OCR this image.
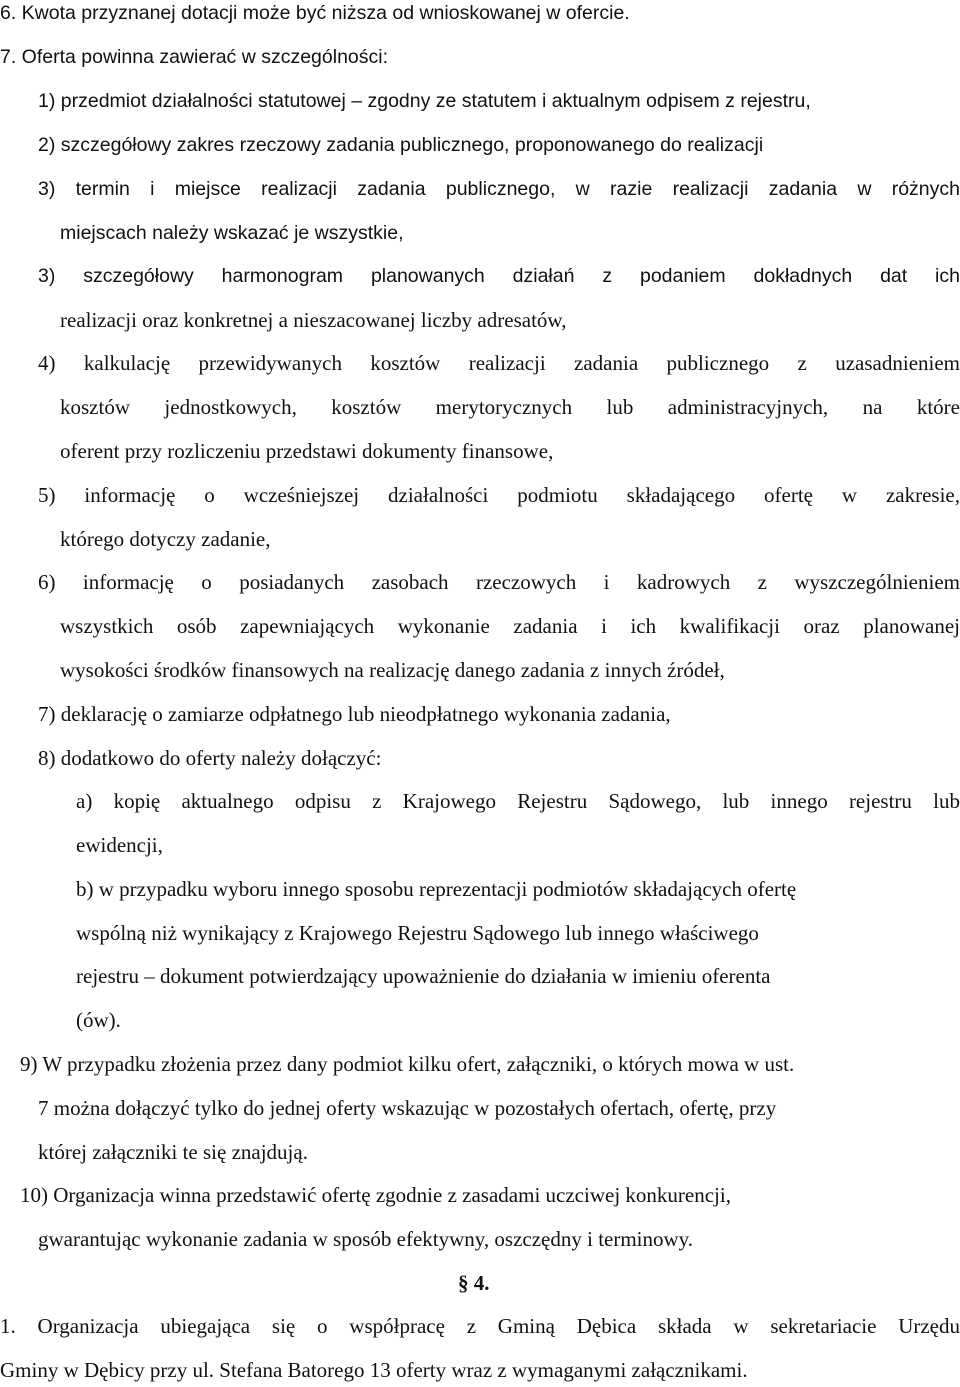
6. Kwota przyznanej dotacji może być niższa od wnioskowanej w ofercie.
7. Oferta powinna zawierać w szczególności:
1) przedmiot działalności statutowej – zgodny ze statutem i aktualnym odpisem z rejestru,
2) szczegółowy zakres rzeczowy zadania publicznego, proponowanego do realizacji
3) termin i miejsce realizacji zadania publicznego, w razie realizacji zadania w różnych
miejscach należy wskazać je wszystkie,
3) szczegółowy harmonogram planowanych działań z podaniem dokładnych dat ich
realizacji oraz konkretnej a nieszacowanej liczby adresatów,
4) kalkulację przewidywanych kosztów realizacji zadania publicznego z uzasadnieniem
kosztów jednostkowych, kosztów merytorycznych lub administracyjnych, na które
oferent przy rozliczeniu przedstawi dokumenty finansowe,
5) informację o wcześniejszej działalności podmiotu składającego ofertę w zakresie,
którego dotyczy zadanie,
6) informację o posiadanych zasobach rzeczowych i kadrowych z wyszczególnieniem
wszystkich osób zapewniających wykonanie zadania i ich kwalifikacji oraz planowanej
wysokości środków finansowych na realizację danego zadania z innych źródeł,
7) deklarację o zamiarze odpłatnego lub nieodpłatnego wykonania zadania,
8) dodatkowo do oferty należy dołączyć:
a) kopię aktualnego odpisu z Krajowego Rejestru Sądowego, lub innego rejestru lub
ewidencji,
b) w przypadku wyboru innego sposobu reprezentacji podmiotów składających ofertę
wspólną niż wynikający z Krajowego Rejestru Sądowego lub innego właściwego
rejestru – dokument potwierdzający upoważnienie do działania w imieniu oferenta
(ów).
9) W przypadku złożenia przez dany podmiot kilku ofert, załączniki, o których mowa w ust.
7 można dołączyć tylko do jednej oferty wskazując w pozostałych ofertach, ofertę, przy
której załączniki te się znajdują.
10) Organizacja winna przedstawić ofertę zgodnie z zasadami uczciwej konkurencji,
gwarantując wykonanie zadania w sposób efektywny, oszczędny i terminowy.
§ 4.
1. Organizacja ubiegająca się o współpracę z Gminą Dębica składa w sekretariacie Urzędu
Gminy w Dębicy przy ul. Stefana Batorego 13 oferty wraz z wymaganymi załącznikami.
